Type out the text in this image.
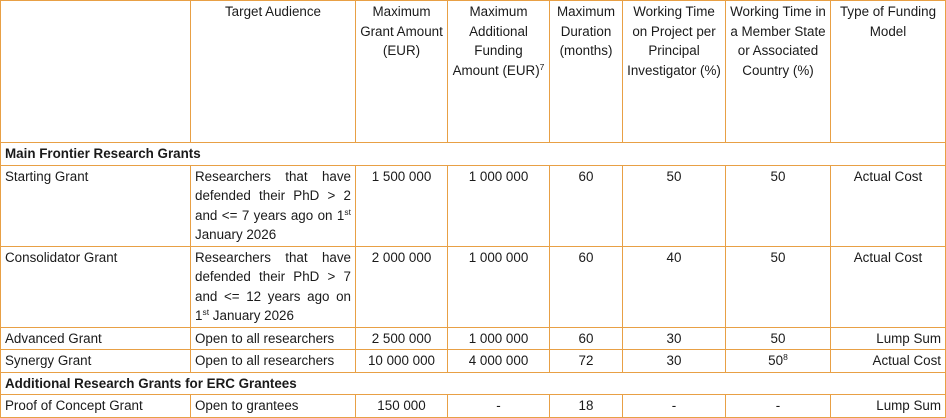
	Target Audience	Maximum Grant Amount (EUR)	Maximum Additional Funding Amount (EUR)$^7$	Maximum Duration (months)	Working Time on Project per Principal Investigator (%)	Working Time in a Member State or Associated Country (%)	Type of Funding Model
Main Frontier Research Grants							
Starting Grant	Researchers that have defended their PhD > 2 and <= 7 years ago on 1st January 2026	1 500 000	1 000 000	60	50	50	Actual Cost
Consolidator Grant	Researchers that have defended their PhD > 7 and <= 12 years ago on 1st January 2026	2 000 000	1 000 000	60	40	50	Actual Cost
Advanced Grant	Open to all researchers	2 500 000	1 000 000	60	30	50	Lump Sum
Synergy Grant	Open to all researchers	10 000 000	4 000 000	72	30	$50^8$	Actual Cost
Additional Research Grants for ERC Grantees							
Proof of Concept Grant	Open to grantees	150 000	-	18	-	-	Lump Sum
